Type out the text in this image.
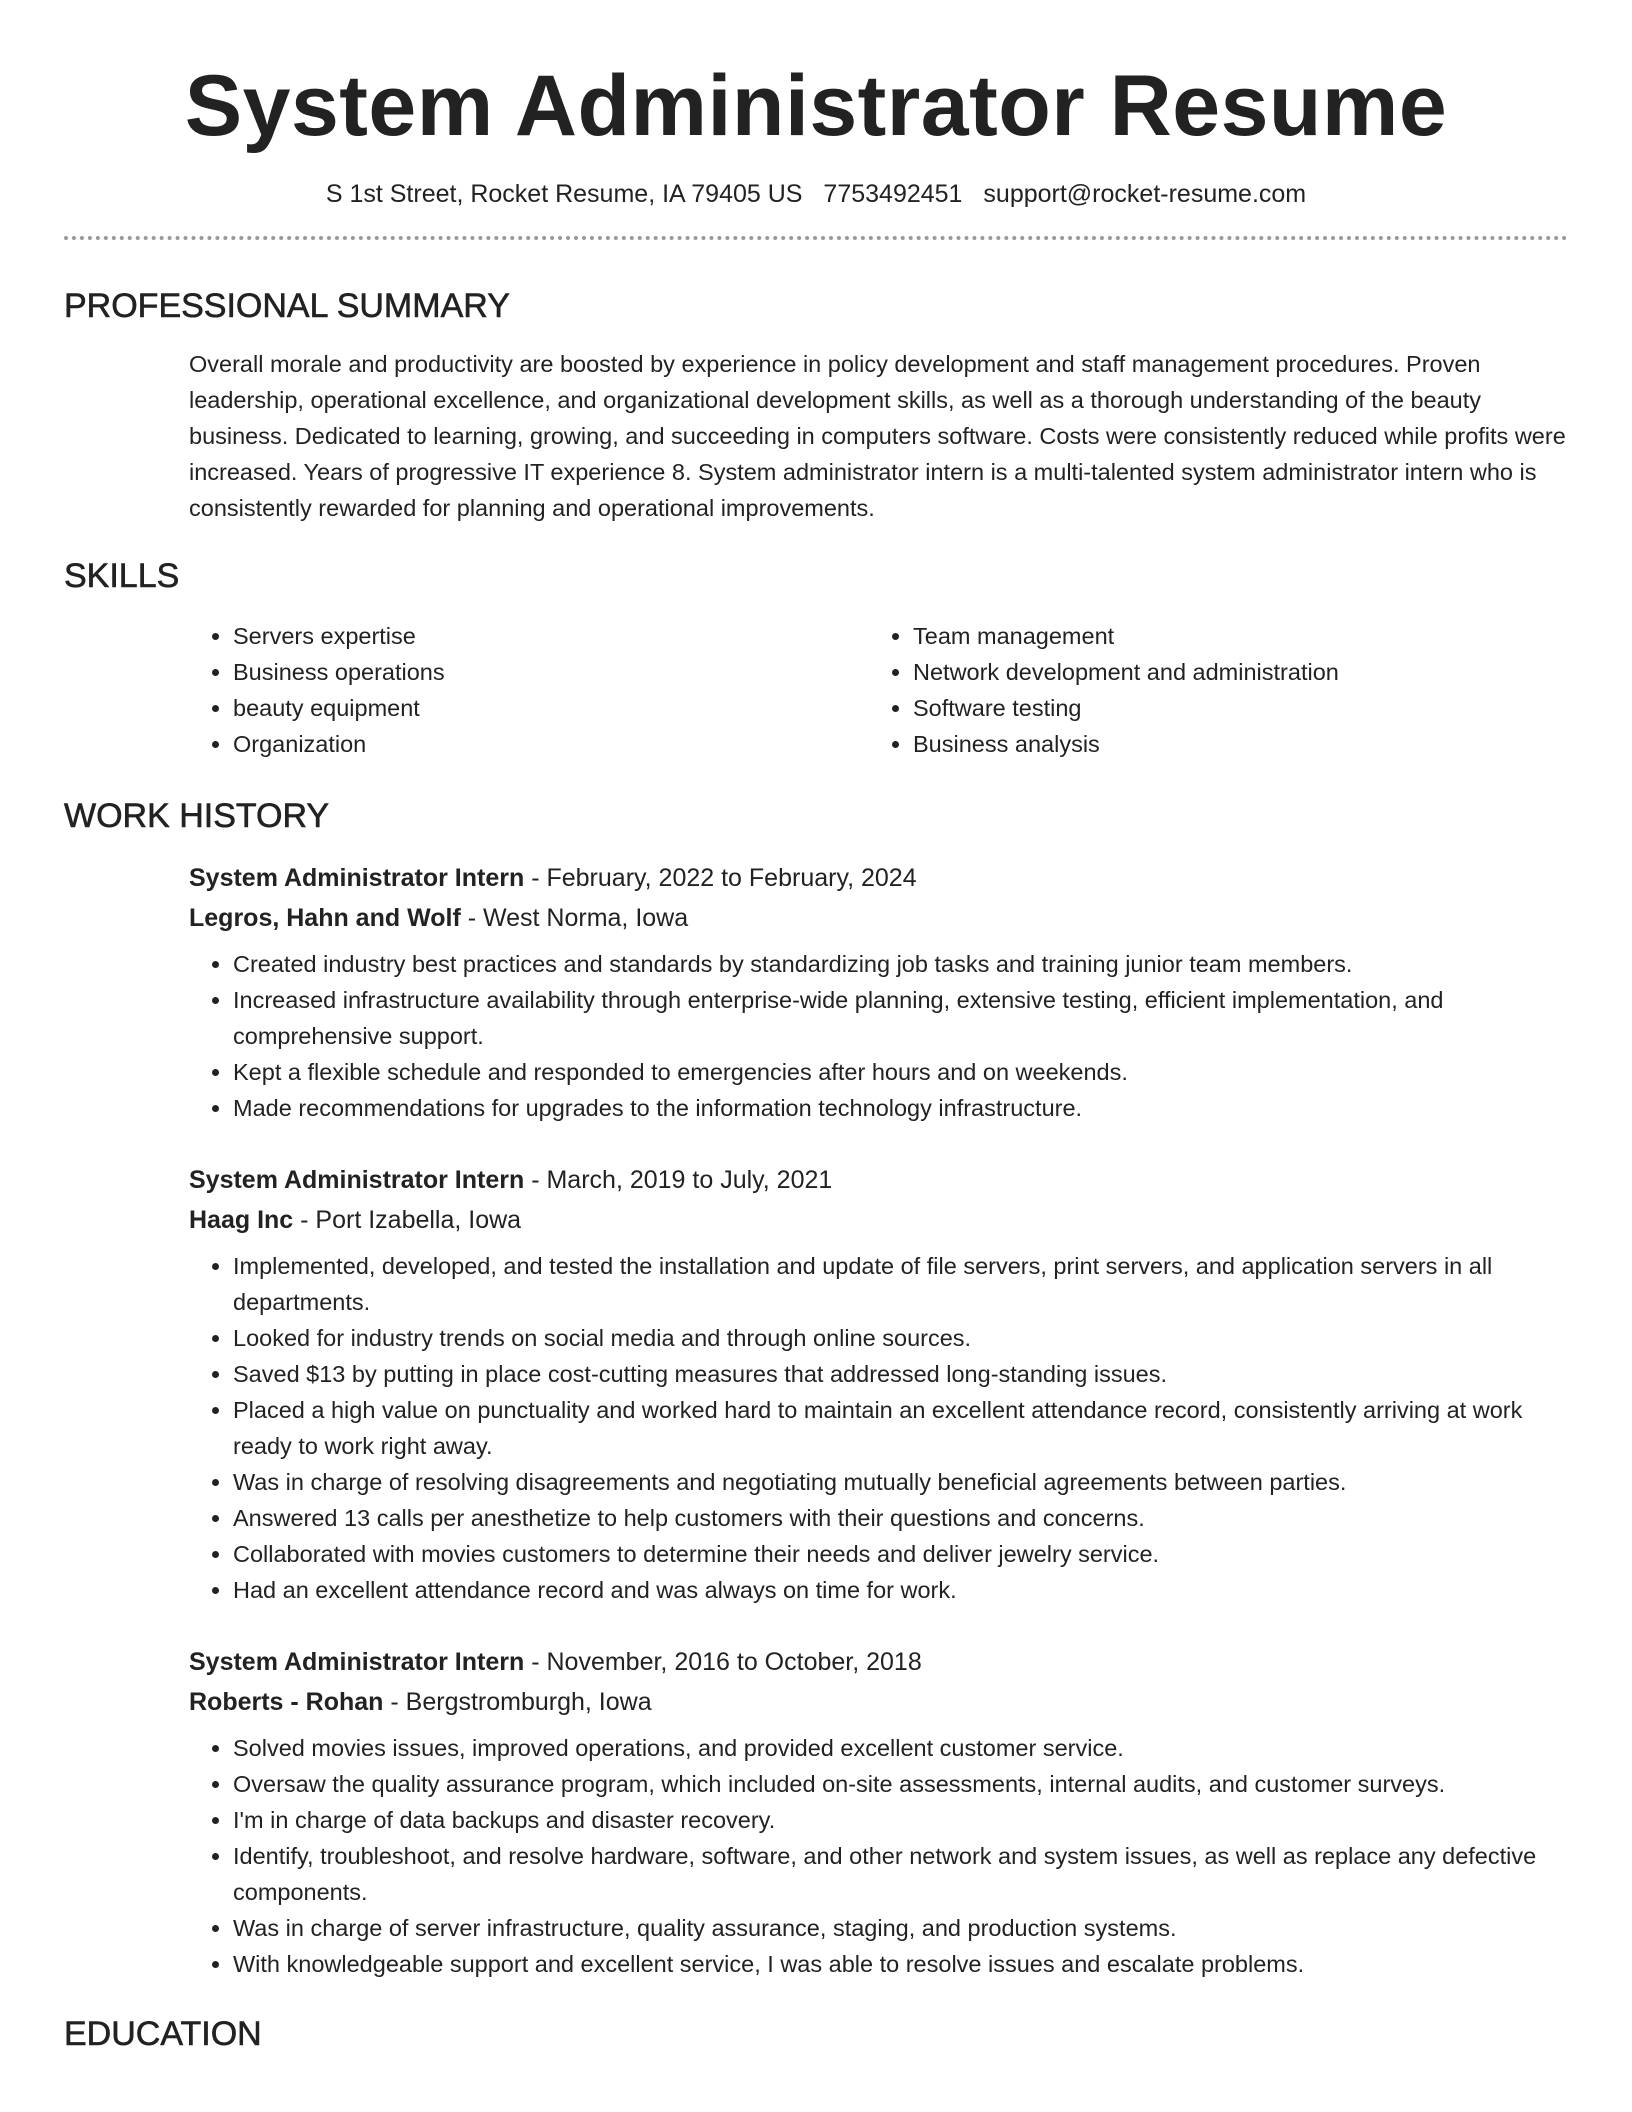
System Administrator Resume
S 1st Street, Rocket Resume, IA 79405 US 7753492451 support@rocket-resume.com
PROFESSIONAL SUMMARY

Overall morale and productivity are boosted by experience in policy development and staff management procedures. Proven leadership, operational excellence, and organizational development skills, as well as a thorough understanding of the beauty business. Dedicated to learning, growing, and succeeding in computers software. Costs were consistently reduced while profits were increased. Years of progressive IT experience 8. System administrator intern is a multi-talented system administrator intern who is consistently rewarded for planning and operational improvements.

SKILLS
• Servers expertise
• Business operations
• beauty equipment
• Organization
• Team management
• Network development and administration
• Software testing
• Business analysis
WORK HISTORY
System Administrator Intern - February, 2022 to February, 2024
Legros, Hahn and Wolf - West Norma, Iowa
• Created industry best practices and standards by standardizing job tasks and training junior team members.
• Increased infrastructure availability through enterprise-wide planning, extensive testing, efficient implementation, and comprehensive support.
• Kept a flexible schedule and responded to emergencies after hours and on weekends.
• Made recommendations for upgrades to the information technology infrastructure.
System Administrator Intern - March, 2019 to July, 2021
Haag Inc - Port Izabella, Iowa
• Implemented, developed, and tested the installation and update of file servers, print servers, and application servers in all departments.
• Looked for industry trends on social media and through online sources.
• Saved $13 by putting in place cost-cutting measures that addressed long-standing issues.
• Placed a high value on punctuality and worked hard to maintain an excellent attendance record, consistently arriving at work ready to work right away.
• Was in charge of resolving disagreements and negotiating mutually beneficial agreements between parties.
• Answered 13 calls per anesthetize to help customers with their questions and concerns.
• Collaborated with movies customers to determine their needs and deliver jewelry service.
• Had an excellent attendance record and was always on time for work.
System Administrator Intern - November, 2016 to October, 2018
Roberts - Rohan - Bergstromburgh, Iowa
• Solved movies issues, improved operations, and provided excellent customer service.
• Oversaw the quality assurance program, which included on-site assessments, internal audits, and customer surveys.
• I'm in charge of data backups and disaster recovery.
• Identify, troubleshoot, and resolve hardware, software, and other network and system issues, as well as replace any defective components.
• Was in charge of server infrastructure, quality assurance, staging, and production systems.
• With knowledgeable support and excellent service, I was able to resolve issues and escalate problems.
EDUCATION
